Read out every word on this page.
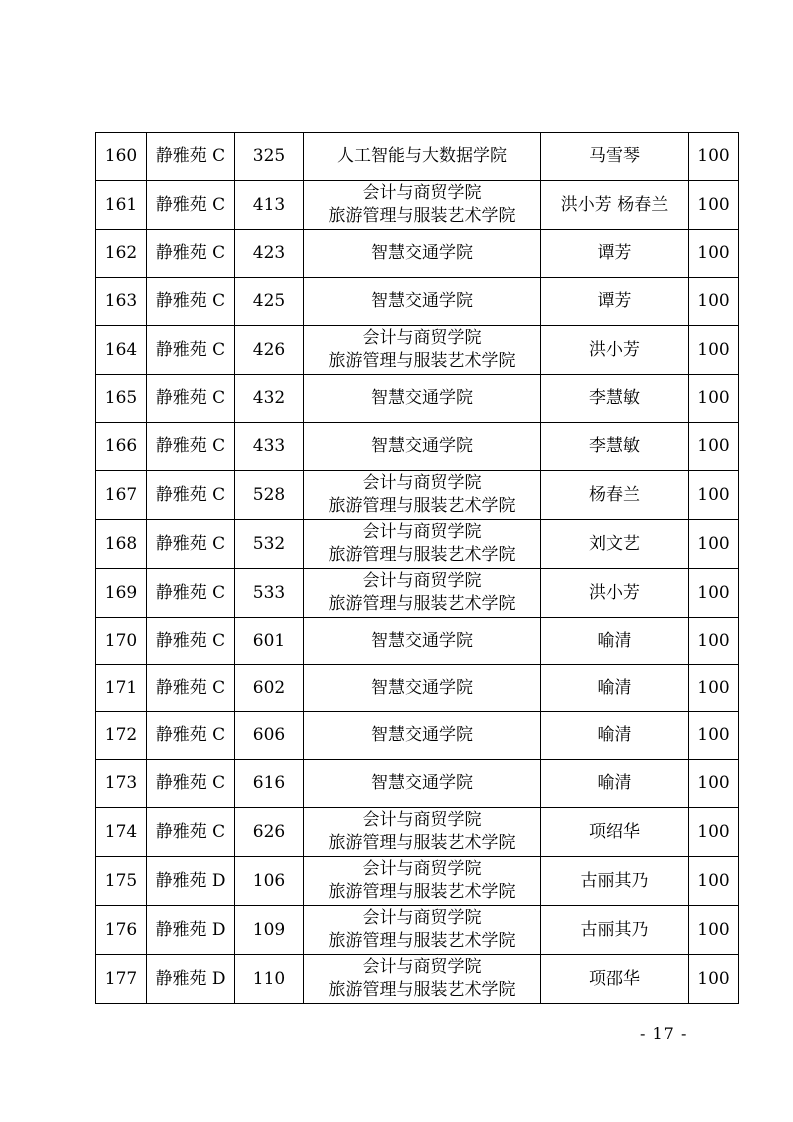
160	静雅苑 C	325	人工智能与大数据学院	马雪琴	100
161	静雅苑 C	413	会计与商贸学院
旅游管理与服装艺术学院	洪小芳 杨春兰	100
162	静雅苑 C	423	智慧交通学院	谭芳	100
163	静雅苑 C	425	智慧交通学院	谭芳	100
164	静雅苑 C	426	会计与商贸学院
旅游管理与服装艺术学院	洪小芳	100
165	静雅苑 C	432	智慧交通学院	李慧敏	100
166	静雅苑 C	433	智慧交通学院	李慧敏	100
167	静雅苑 C	528	会计与商贸学院
旅游管理与服装艺术学院	杨春兰	100
168	静雅苑 C	532	会计与商贸学院
旅游管理与服装艺术学院	刘文艺	100
169	静雅苑 C	533	会计与商贸学院
旅游管理与服装艺术学院	洪小芳	100
170	静雅苑 C	601	智慧交通学院	喻清	100
171	静雅苑 C	602	智慧交通学院	喻清	100
172	静雅苑 C	606	智慧交通学院	喻清	100
173	静雅苑 C	616	智慧交通学院	喻清	100
174	静雅苑 C	626	会计与商贸学院
旅游管理与服装艺术学院	项绍华	100
175	静雅苑 D	106	会计与商贸学院
旅游管理与服装艺术学院	古丽其乃	100
176	静雅苑 D	109	会计与商贸学院
旅游管理与服装艺术学院	古丽其乃	100
177	静雅苑 D	110	会计与商贸学院
旅游管理与服装艺术学院	项邵华	100
- 17 -
